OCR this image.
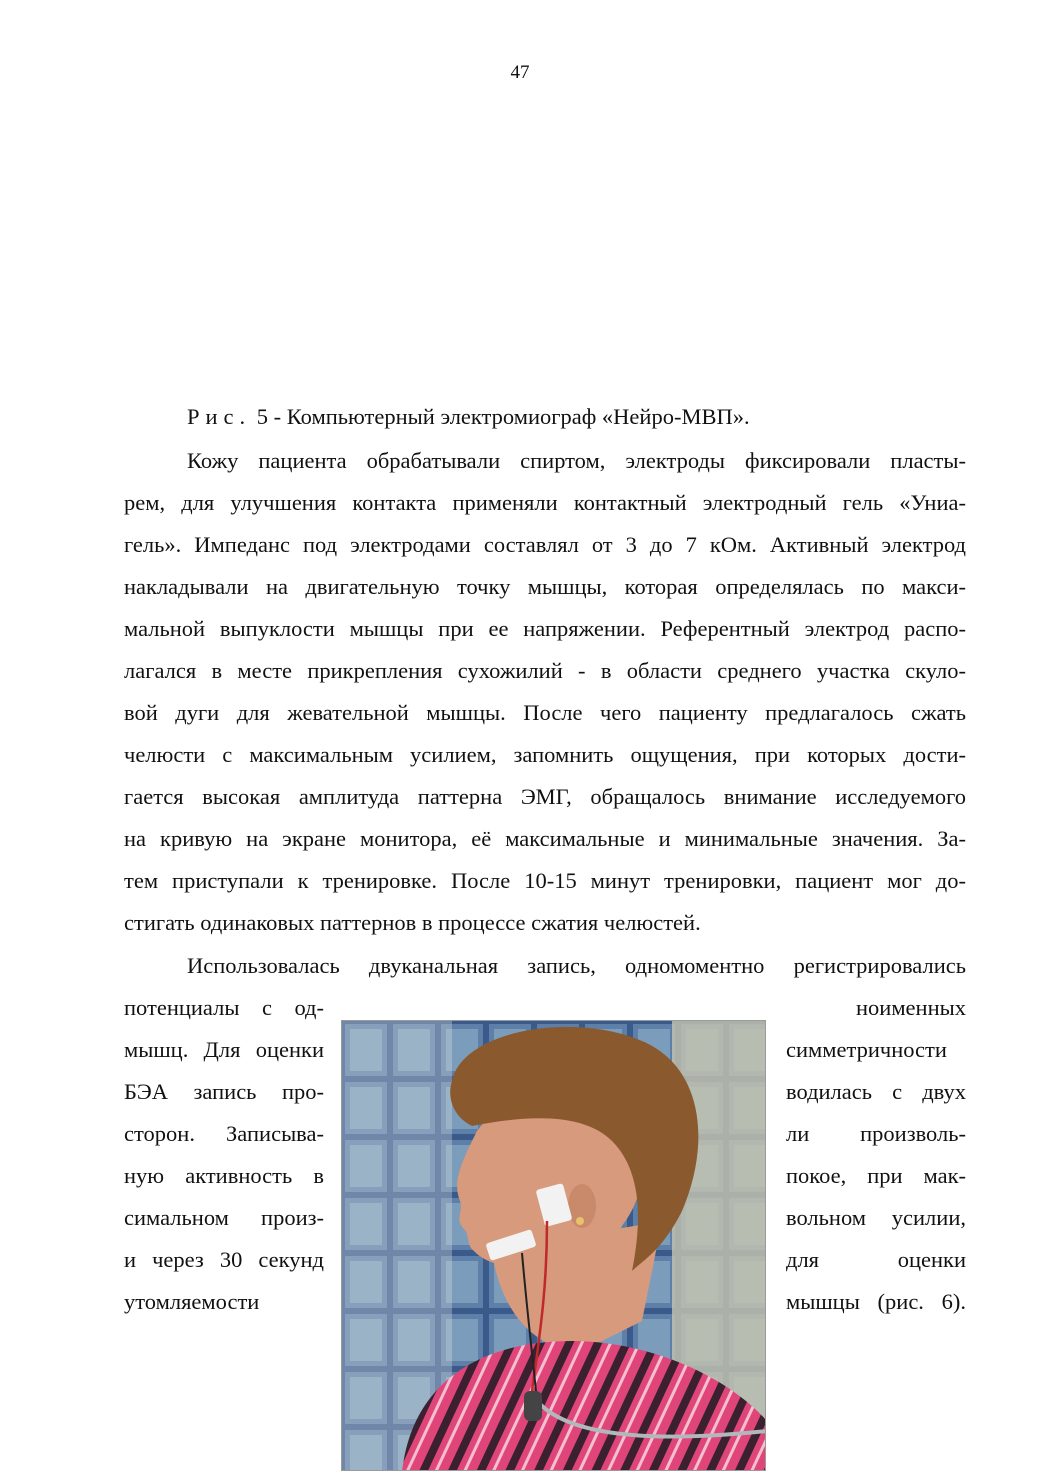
47
Рис. 5 - Компьютерный электромиограф «Нейро-МВП».
Кожу пациента обрабатывали спиртом, электроды фиксировали пласты-
рем, для улучшения контакта применяли контактный электродный гель «Униа-
гель». Импеданс под электродами составлял от 3 до 7 кОм. Активный электрод
накладывали на двигательную точку мышцы, которая определялась по макси-
мальной выпуклости мышцы при ее напряжении. Референтный электрод распо-
лагался в месте прикрепления сухожилий - в области среднего участка скуло-
вой дуги для жевательной мышцы. После чего пациенту предлагалось сжать
челюсти с максимальным усилием, запомнить ощущения, при которых дости-
гается высокая амплитуда паттерна ЭМГ, обращалось внимание исследуемого
на кривую на экране монитора, её максимальные и минимальные значения. За-
тем приступали к тренировке. После 10-15 минут тренировки, пациент мог до-
стигать одинаковых паттернов в процессе сжатия челюстей.
Использовалась двуканальная запись, одномоментно регистрировались
потенциалы с од-
мышц. Для оценки
БЭА запись про-
сторон. Записыва-
ную активность в
симальном произ-
и через 30 секунд
утомляемости
ноименных
симметричности
водилась с двух
ли произволь-
покое, при мак-
вольном усилии,
для оценки
мышцы (рис. 6).
